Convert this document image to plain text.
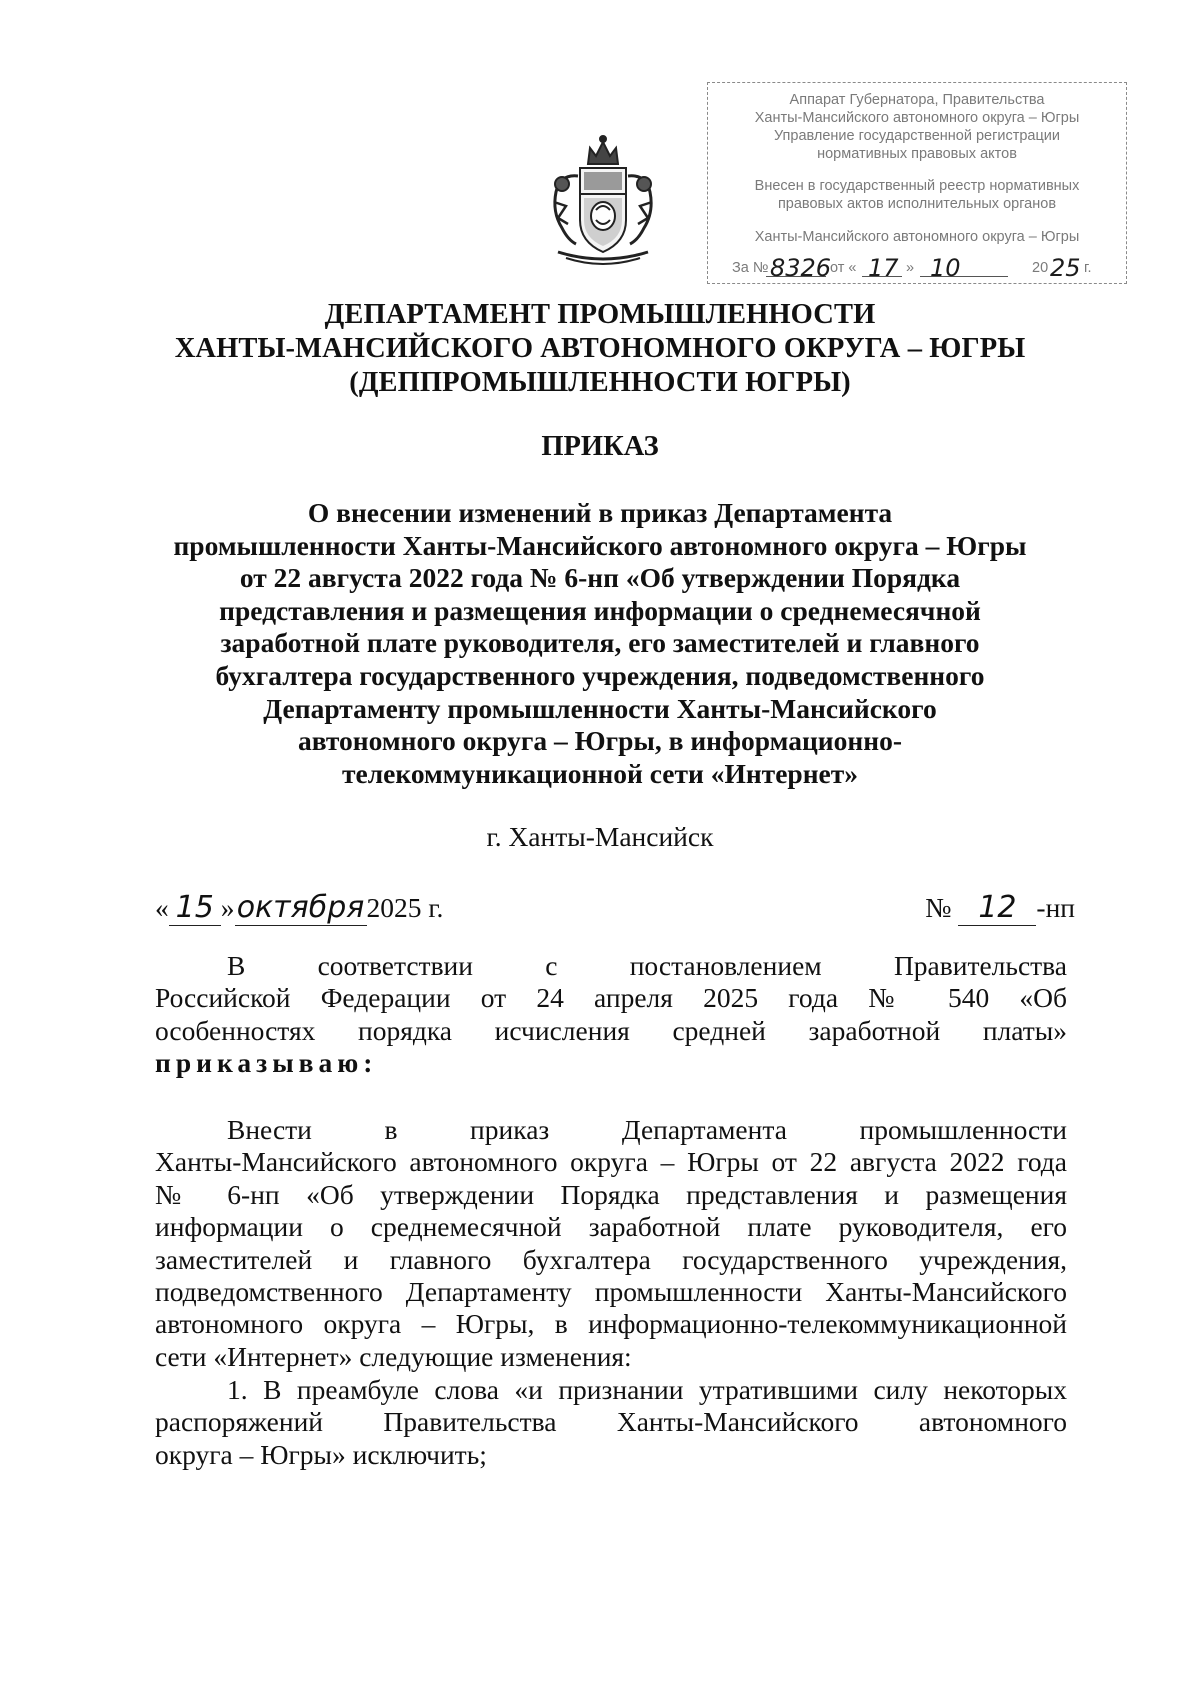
Аппарат Губернатора, Правительства
Ханты-Мансийского автономного округа – Югры
Управление государственной регистрации
нормативных правовых актов
Внесен в государственный реестр нормативных
правовых актов исполнительных органов
Ханты-Мансийского автономного округа – Югры
За № 8326
от « 17 » 10	20 25 г.
ДЕПАРТАМЕНТ ПРОМЫШЛЕННОСТИ
ХАНТЫ-МАНСИЙСКОГО АВТОНОМНОГО ОКРУГА – ЮГРЫ
(ДЕППРОМЫШЛЕННОСТИ ЮГРЫ)
ПРИКАЗ
О внесении изменений в приказ Департамента
промышленности Ханты-Мансийского автономного округа – Югры
от 22 августа 2022 года № 6-нп «Об утверждении Порядка
представления и размещения информации о среднемесячной
заработной плате руководителя, его заместителей и главного
бухгалтера государственного учреждения, подведомственного
Департаменту промышленности Ханты-Мансийского
автономного округа – Югры, в информационно-
телекоммуникационной сети «Интернет»
г. Ханты-Мансийск
« 15 »октября2025 г.	№ 12 -нп
В соответствии с постановлением Правительства
Российской Федерации от 24 апреля 2025 года № 540 «Об
особенностях порядка исчисления средней заработной платы»
приказываю:
Внести в приказ Департамента промышленности
Ханты-Мансийского автономного округа – Югры от 22 августа 2022 года
№ 6-нп «Об утверждении Порядка представления и размещения
информации о среднемесячной заработной плате руководителя, его
заместителей и главного бухгалтера государственного учреждения,
подведомственного Департаменту промышленности Ханты-Мансийского
автономного округа – Югры, в информационно-телекоммуникационной
сети «Интернет» следующие изменения:
1. В преамбуле слова «и признании утратившими силу некоторых
распоряжений Правительства Ханты-Мансийского автономного
округа – Югры» исключить;
